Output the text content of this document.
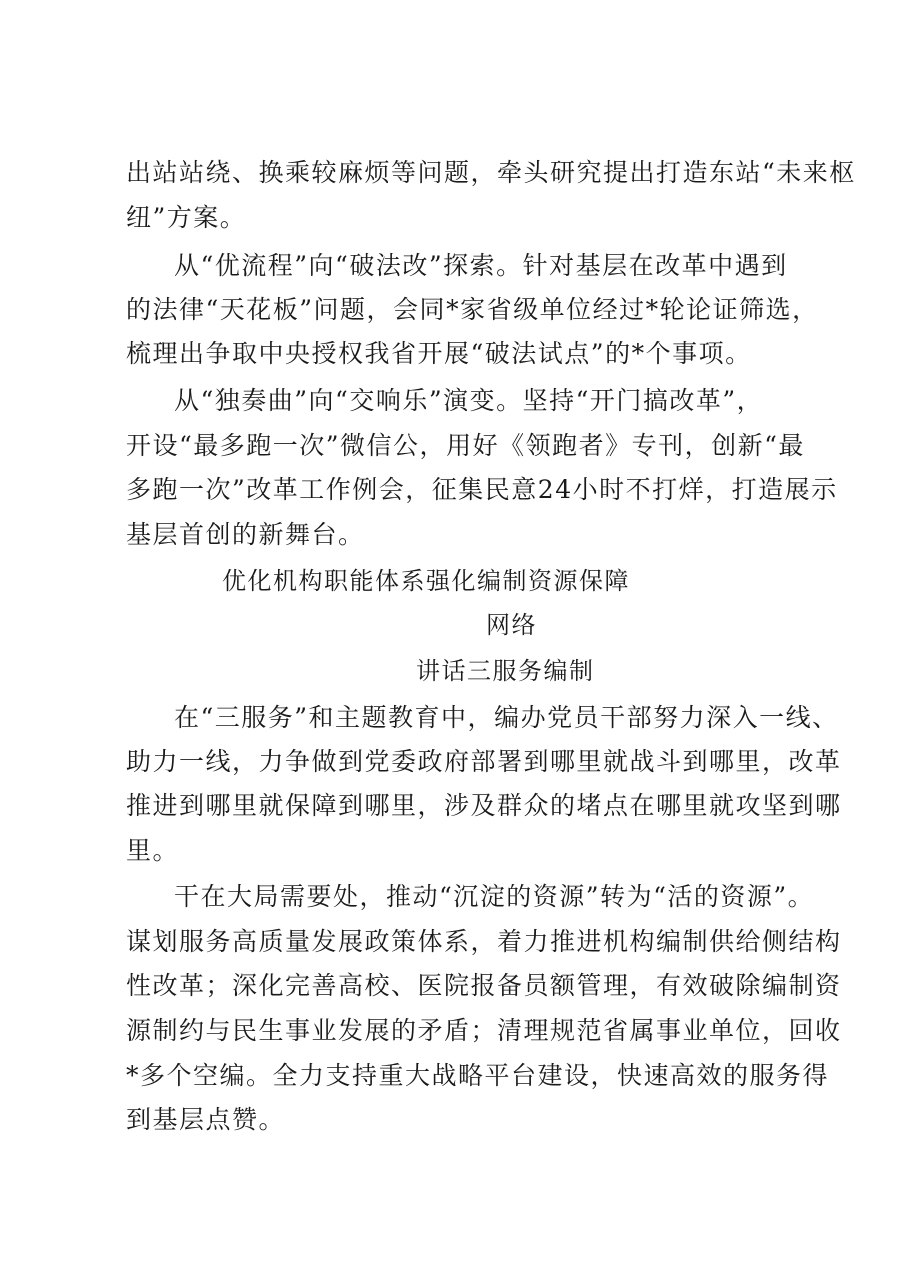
出站站绕、换乘较麻烦等问题，牵头研究提出打造东站“未来枢
纽”方案。
从“优流程”向“破法改”探索。针对基层在改革中遇到
的法律“天花板”问题，会同*家省级单位经过*轮论证筛选，
梳理出争取中央授权我省开展“破法试点”的*个事项。
从“独奏曲”向“交响乐”演变。坚持“开门搞改革”，
开设“最多跑一次”微信公，用好《领跑者》专刊，创新“最
多跑一次”改革工作例会，征集民意24小时不打烊，打造展示
基层首创的新舞台。
优化机构职能体系强化编制资源保障
网络
讲话三服务编制
在“三服务”和主题教育中，编办党员干部努力深入一线、
助力一线，力争做到党委政府部署到哪里就战斗到哪里，改革
推进到哪里就保障到哪里，涉及群众的堵点在哪里就攻坚到哪
里。
干在大局需要处，推动“沉淀的资源”转为“活的资源”。
谋划服务高质量发展政策体系，着力推进机构编制供给侧结构
性改革；深化完善高校、医院报备员额管理，有效破除编制资
源制约与民生事业发展的矛盾；清理规范省属事业单位，回收
*多个空编。全力支持重大战略平台建设，快速高效的服务得
到基层点赞。
